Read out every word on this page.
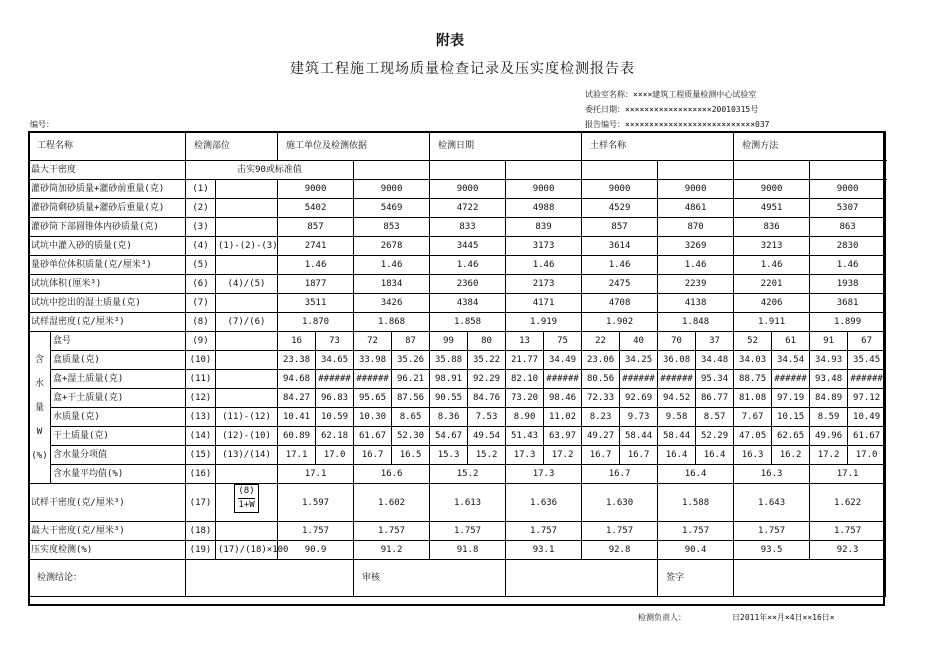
附表
建筑工程施工现场质量检查记录及压实度检测报告表
试验室名称：××××建筑工程质量检测中心试验室
委托日期：××××××××××××××××××20010315号
报告编号：×××××××××××××××××××××××××××037
编号：
工程名称		检测部位		施工单位及检测依据				检测日期				土样名称				检测方法				
最大干密度		击实90或标准值																		
灌砂筒加砂质量+灌砂前重量(克)		(1)		9000		9000		9000		9000		9000		9000		9000		9000		
灌砂筒剩砂质量+灌砂后重量(克)		(2)		5402		5469		4722		4988		4529		4861		4951		5307		
灌砂筒下部圆锥体内砂质量(克)		(3)		857		853		833		839		857		870		836		863		
试坑中灌入砂的质量(克)		(4)	(1)-(2)-(3)	2741		2678		3445		3173		3614		3269		3213		2830		
量砂单位体积质量(克/厘米³)		(5)		1.46		1.46		1.46		1.46		1.46		1.46		1.46		1.46		
试坑体积(厘米³)		(6)	(4)/(5)	1877		1834		2360		2173		2475		2239		2201		1938		
试坑中挖出的湿土质量(克)		(7)		3511		3426		4384		4171		4708		4138		4206		3681		
试样湿密度(克/厘米³)		(8)	(7)/(6)	1.870		1.868		1.858		1.919		1.902		1.848		1.911		1.899		

含
水
量
W
(%)	盒号	(9)		16	73	72	87	99	80	13	75	22	40	70	37	52	61	91	67	
	盒质量(克)	(10)		23.38	34.65	33.98	35.26	35.88	35.22	21.77	34.49	23.06	34.25	36.08	34.48	34.03	34.54	34.93	35.45	
	盒+湿土质量(克)	(11)		94.68	######	######	96.21	98.91	92.29	82.10	######	80.56	######	######	95.34	88.75	######	93.48	######	
	盒+干土质量(克)	(12)		84.27	96.83	95.65	87.56	90.55	84.76	73.20	98.46	72.33	92.69	94.52	86.77	81.08	97.19	84.89	97.12	
	水质量(克)	(13)	(11)-(12)	10.41	10.59	10.30	8.65	8.36	7.53	8.90	11.02	8.23	9.73	9.58	8.57	7.67	10.15	8.59	10.49	
	干土质量(克)	(14)	(12)-(10)	60.89	62.18	61.67	52.30	54.67	49.54	51.43	63.97	49.27	58.44	58.44	52.29	47.05	62.65	49.96	61.67	
	含水量分项值	(15)	(13)/(14)	17.1	17.0	16.7	16.5	15.3	15.2	17.3	17.2	16.7	16.7	16.4	16.4	16.3	16.2	17.2	17.0	
	含水量平均值(%)	(16)		17.1		16.6		15.2		17.3		16.7		16.4		16.3		17.1		
试样干密度(克/厘米³)		(17)	$\frac{(8)}{1+W}$	1.597		1.602		1.613		1.636		1.630		1.588		1.643		1.622		
最大干密度(克/厘米³)		(18)		1.757		1.757		1.757		1.757		1.757		1.757		1.757		1.757		
压实度检测(%)		(19)	(17)/(18)×100	90.9		91.2		91.8		93.1		92.8		90.4		93.5		92.3		
检测结论：						审核								签字						
检测负责人：	日2011年××月×4日××16日×
